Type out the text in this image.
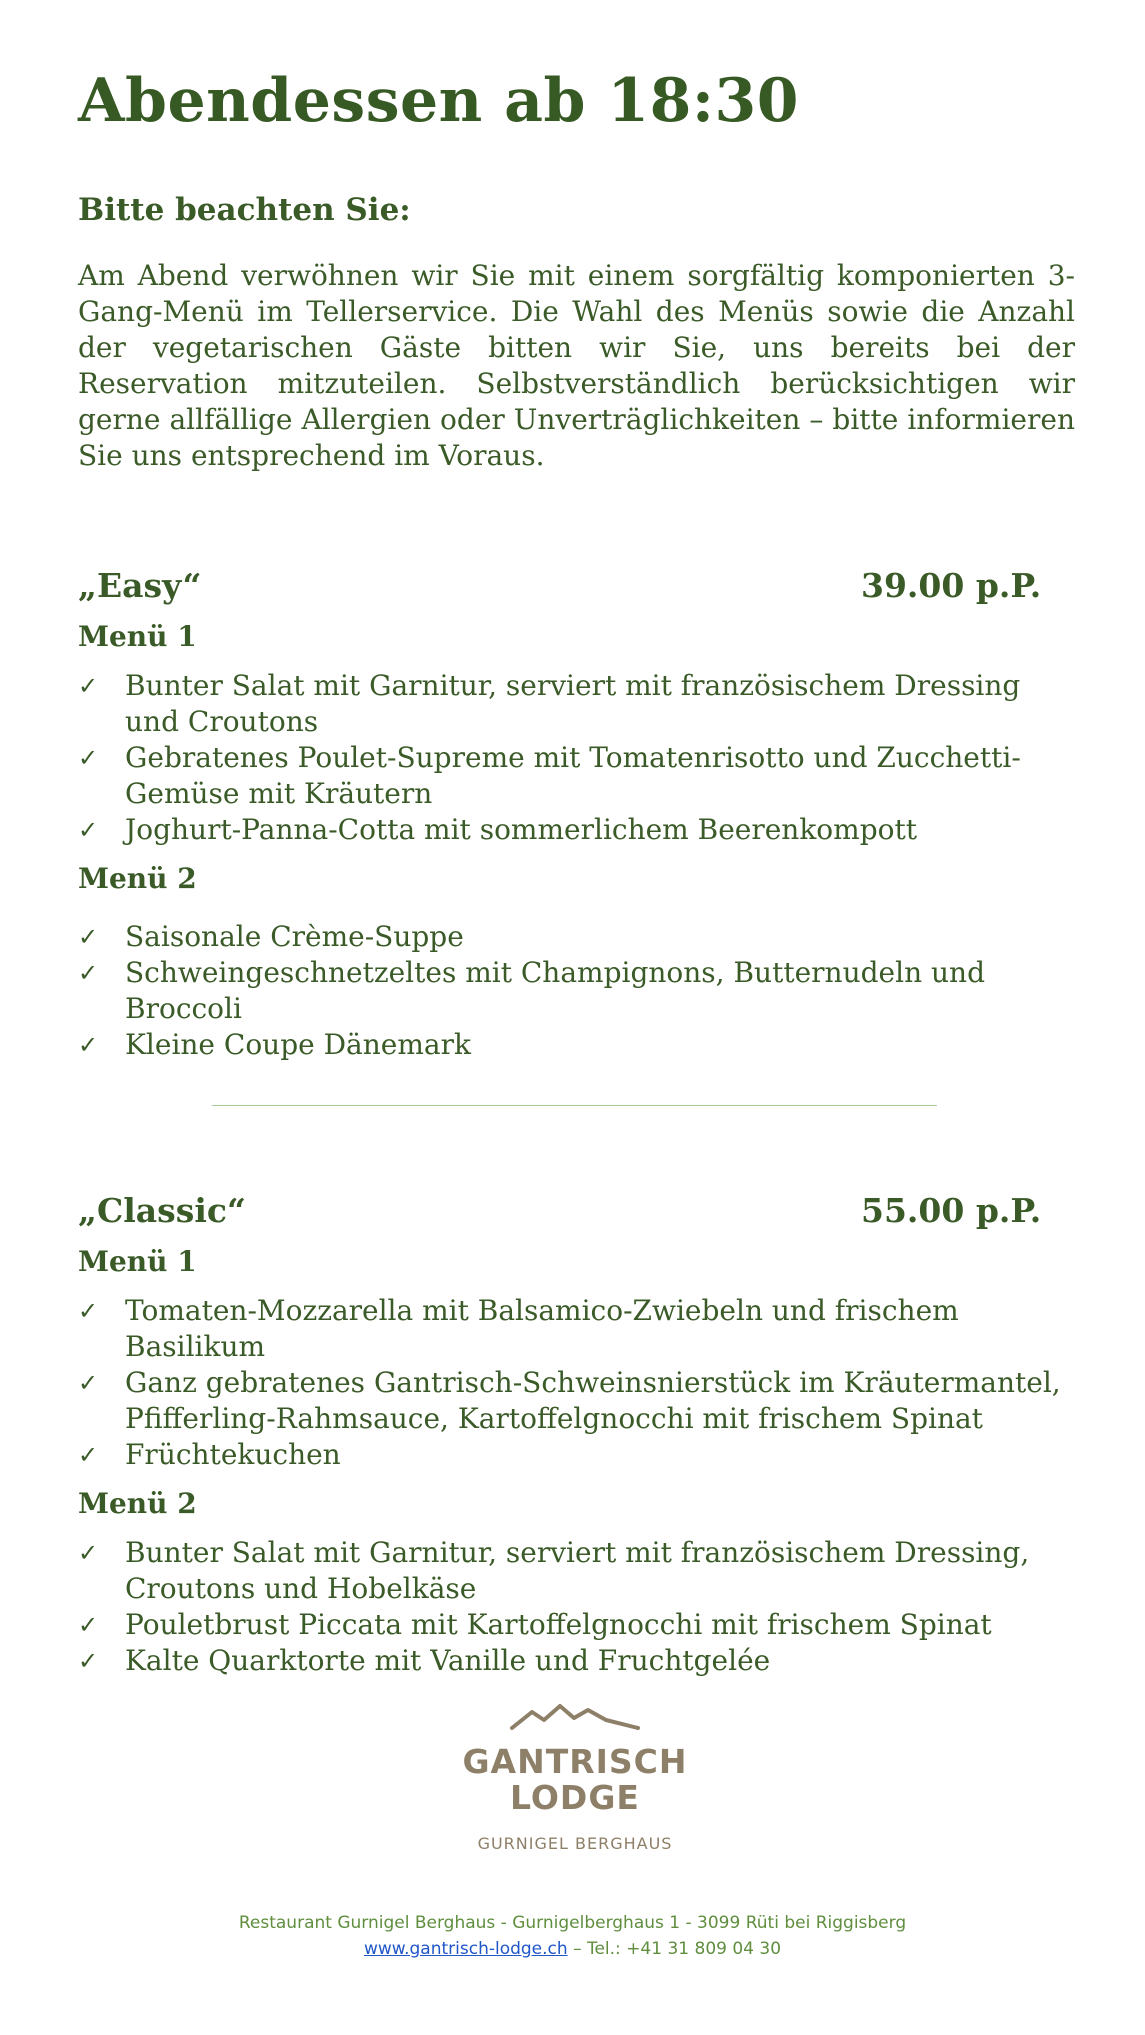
Abendessen ab 18:30
Bitte beachten Sie:

Am Abend verwöhnen wir Sie mit einem sorgfältig komponierten 3-Gang-Menü im Tellerservice. Die Wahl des Menüs sowie die Anzahl der vegetarischen Gäste bitten wir Sie, uns bereits bei der Reservation mitzuteilen. Selbstverständlich berücksichtigen wir gerne allfällige Allergien oder Unverträglichkeiten – bitte informieren Sie uns entsprechend im Voraus.

„Easy“	39.00 p.P.

Menü 1

✓ Bunter Salat mit Garnitur, serviert mit französischem Dressing und Croutons
✓ Gebratenes Poulet-Supreme mit Tomatenrisotto und Zucchetti-Gemüse mit Kräutern
✓ Joghurt-Panna-Cotta mit sommerlichem Beerenkompott

Menü 2

✓ Saisonale Crème-Suppe
✓ Schweingeschnetzeltes mit Champignons, Butternudeln und Broccoli
✓ Kleine Coupe Dänemark
„Classic“	55.00 p.P.

Menü 1

✓ Tomaten-Mozzarella mit Balsamico-Zwiebeln und frischem Basilikum
✓ Ganz gebratenes Gantrisch-Schweinsnierstück im Kräutermantel, Pfifferling-Rahmsauce, Kartoffelgnocchi mit frischem Spinat
✓ Früchtekuchen

Menü 2

✓ Bunter Salat mit Garnitur, serviert mit französischem Dressing, Croutons und Hobelkäse
✓ Pouletbrust Piccata mit Kartoffelgnocchi mit frischem Spinat
✓ Kalte Quarktorte mit Vanille und Fruchtgelée
GANTRISCH
LODGE
GURNIGEL BERGHAUS
Restaurant Gurnigel Berghaus - Gurnigelberghaus 1 - 3099 Rüti bei Riggisberg
www.gantrisch-lodge.ch – Tel.: +41 31 809 04 30
